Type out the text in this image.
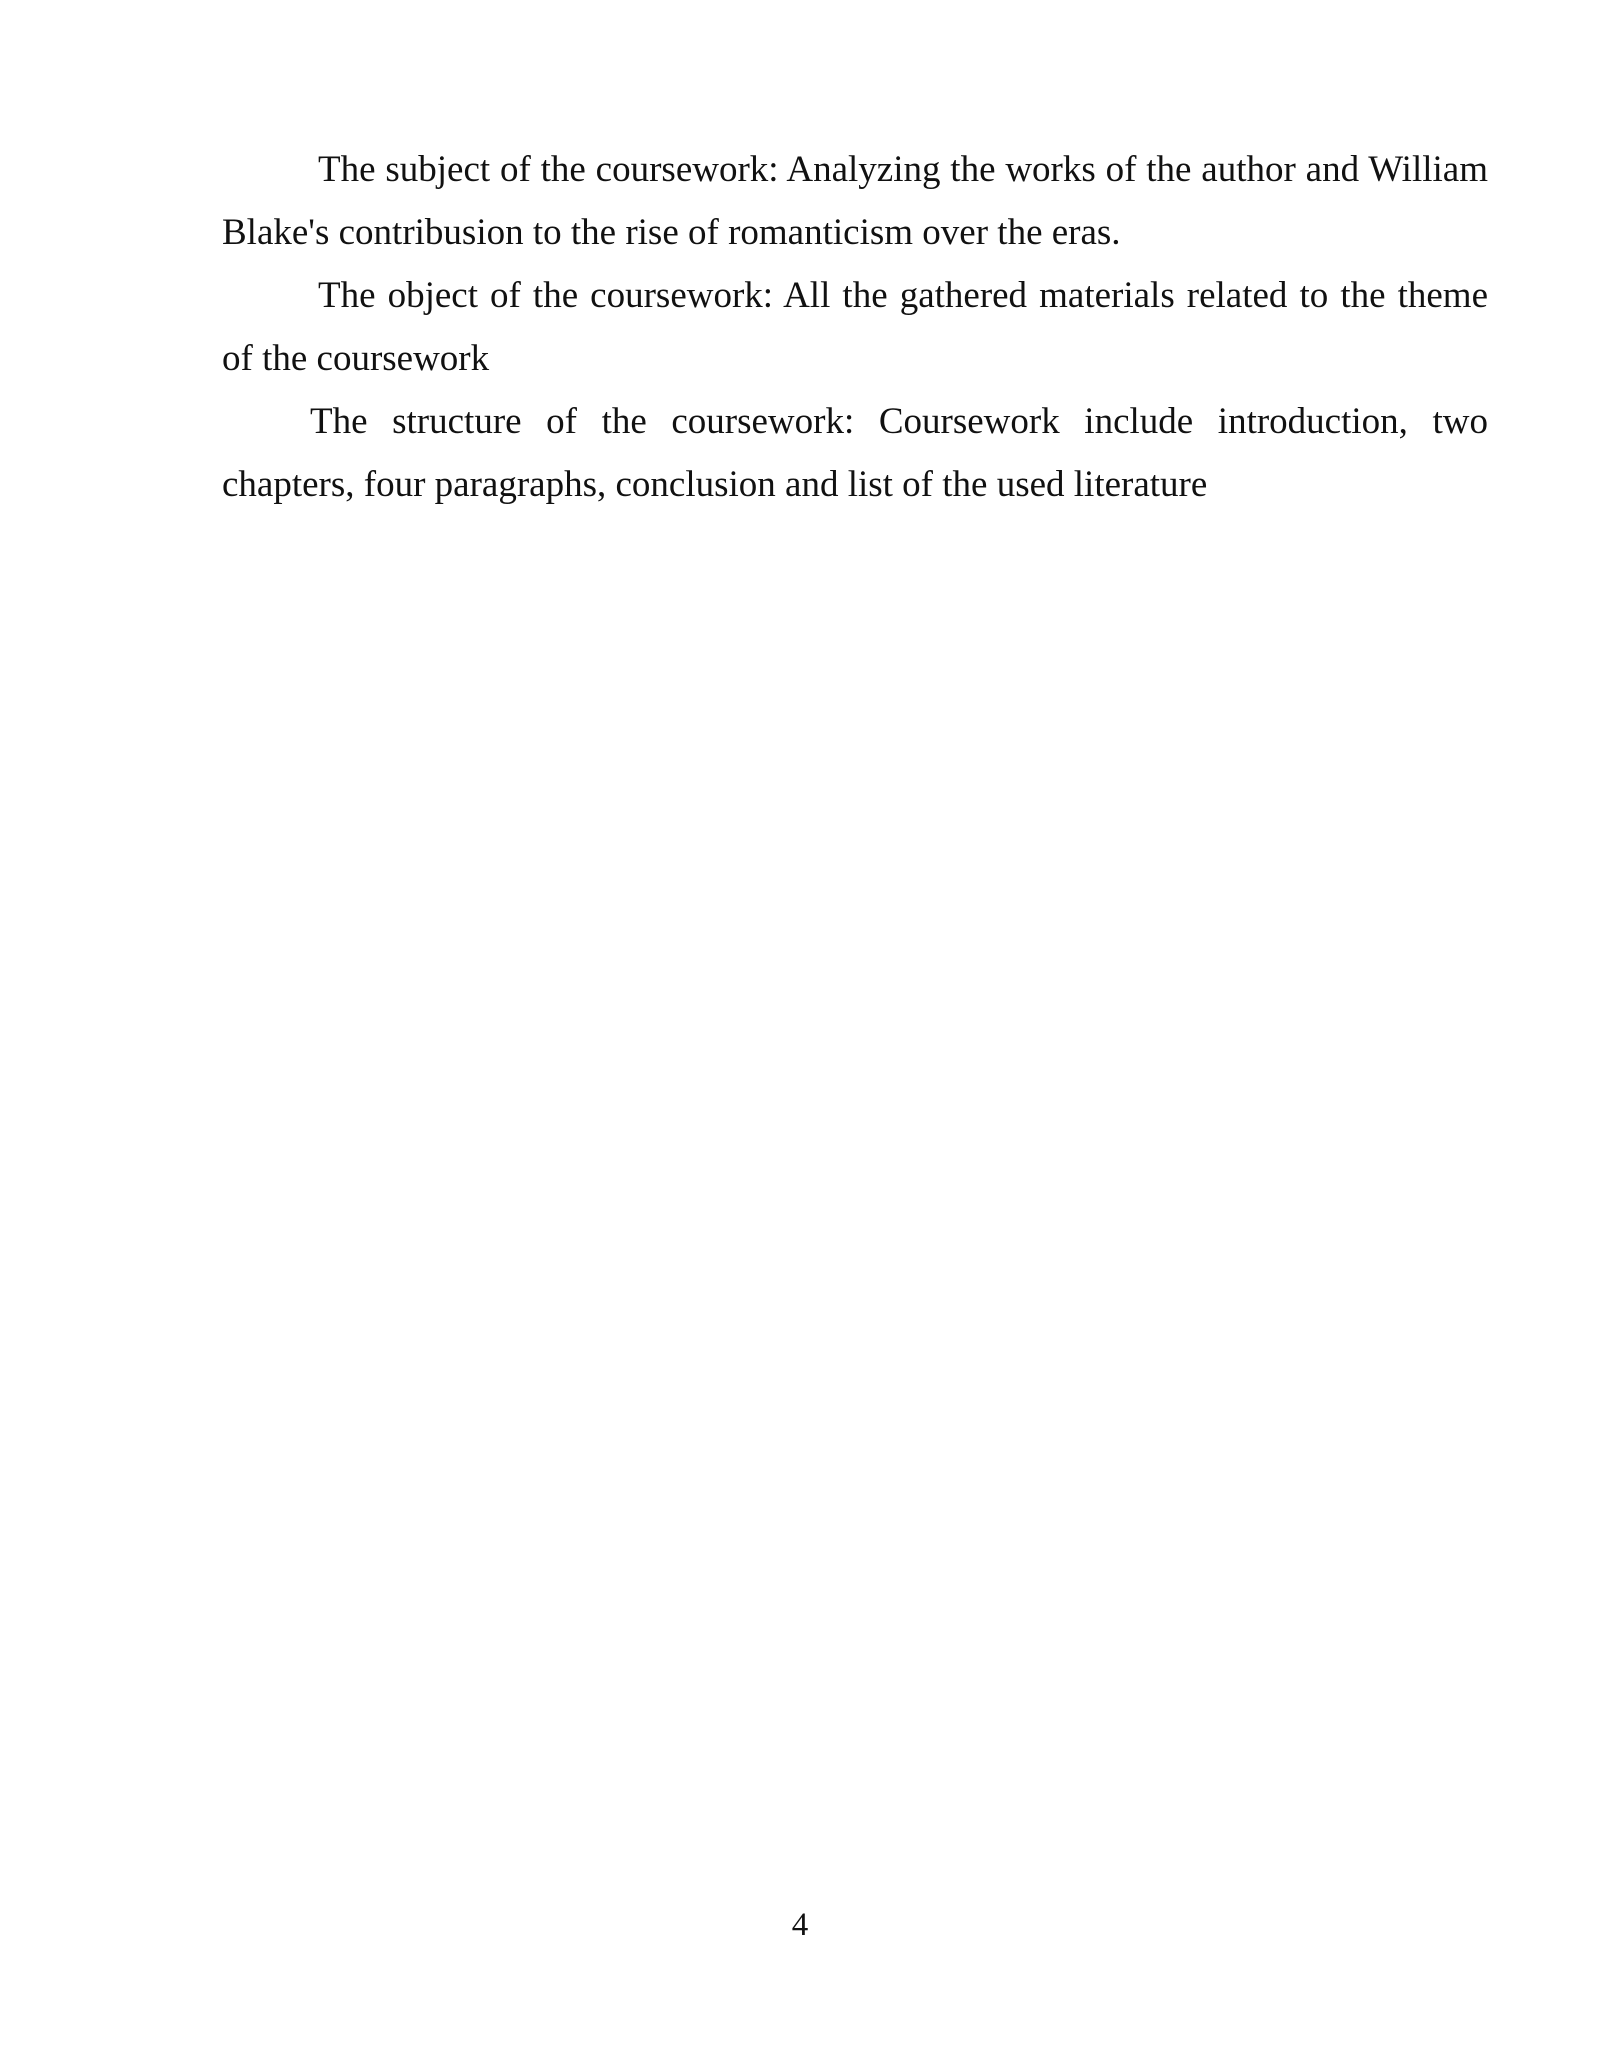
The subject of the coursework: Analyzing the works of the author and William Blake's contribusion to the rise of romanticism over the eras.

The object of the coursework: All the gathered materials related to the theme of the coursework

The structure of the coursework: Coursework include introduction, two chapters, four paragraphs, conclusion and list of the used literature

4
